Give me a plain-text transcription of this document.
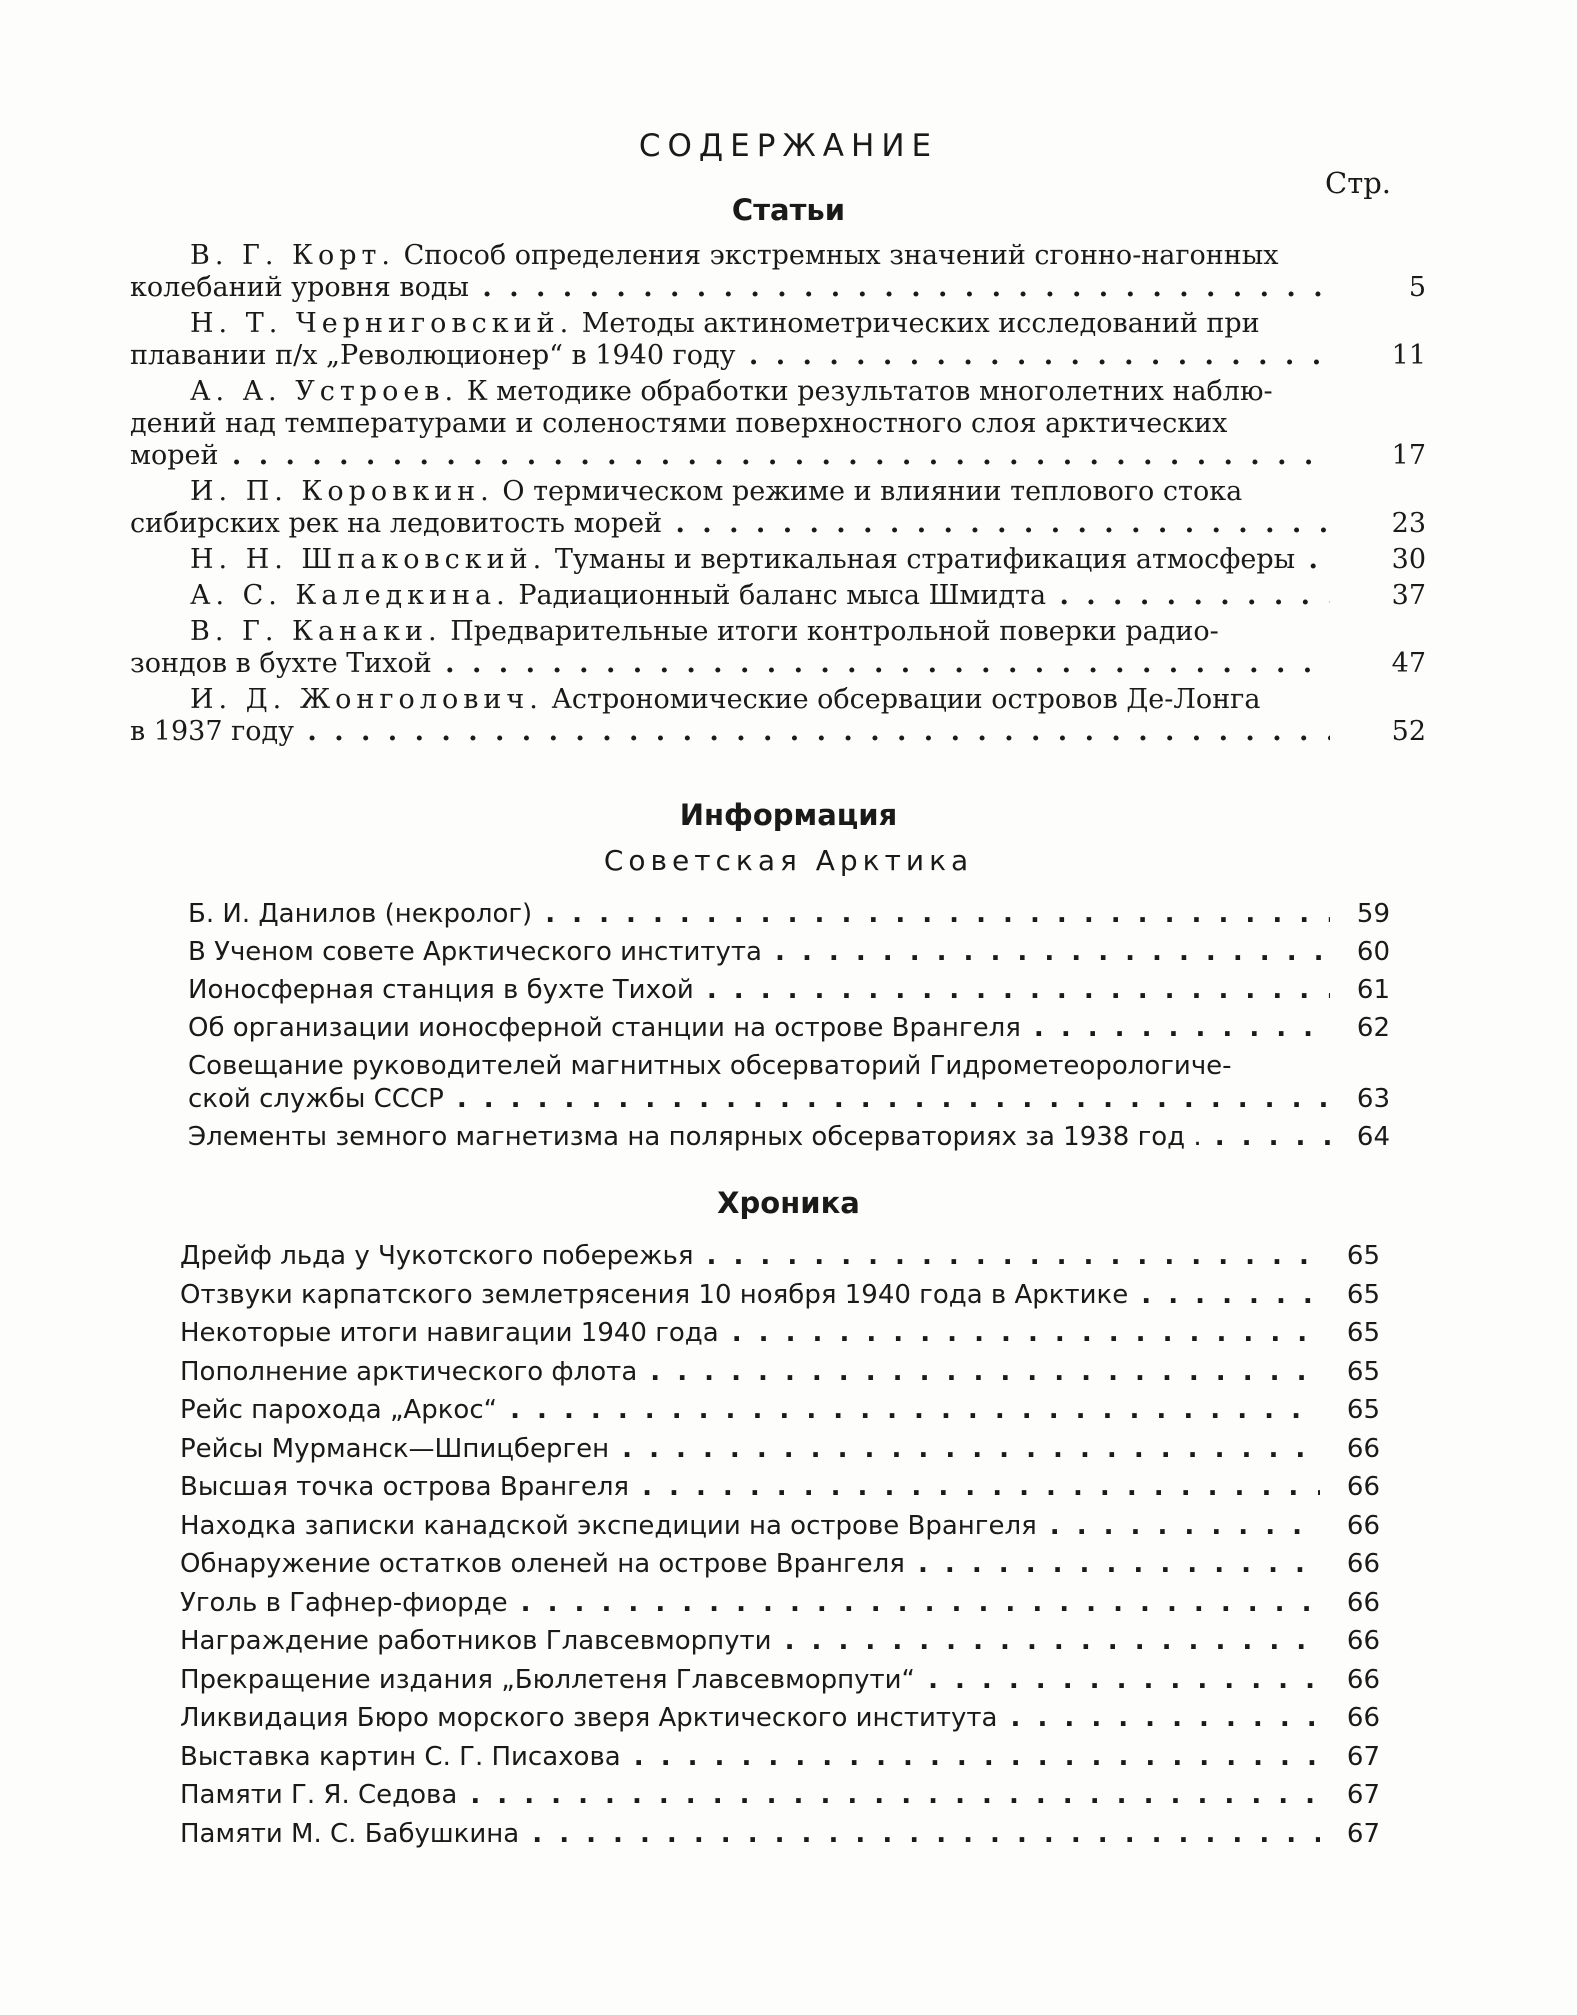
СОДЕРЖАНИЕ
Стр.
Статьи
В. Г. Корт. Способ определения экстремных значений сгонно-нагонных
колебаний уровня воды . . .	5
Н. Т. Черниговский. Методы актинометрических исследований при
плавании п/х „Революционер“ в 1940 году . . .	11
А. А. Устроев. К методике обработки результатов многолетних наблю-
дений над температурами и соленостями поверхностного слоя арктических
морей . . .	17
И. П. Коровкин. О термическом режиме и влиянии теплового стока
сибирских рек на ледовитость морей . . .	23
Н. Н. Шпаковский. Туманы и вертикальная стратификация атмосферы . . .	30
А. С. Каледкина. Радиационный баланс мыса Шмидта . . .	37
В. Г. Канаки. Предварительные итоги контрольной поверки радио-
зондов в бухте Тихой . . .	47
И. Д. Жонголович. Астрономические обсервации островов Де-Лонга
в 1937 году . . .	52
Информация
Советская Арктика
Б. И. Данилов (некролог) . . .	59
В Ученом совете Арктического института . . .	60
Ионосферная станция в бухте Тихой . . .	61
Об организации ионосферной станции на острове Врангеля . . .	62
Совещание руководителей магнитных обсерваторий Гидрометеорологиче-
ской службы СССР . . .	63
Элементы земного магнетизма на полярных обсерваториях за 1938 год . . . .	64
Хроника
Дрейф льда у Чукотского побережья . . .	65
Отзвуки карпатского землетрясения 10 ноября 1940 года в Арктике . . .	65
Некоторые итоги навигации 1940 года . . .	65
Пополнение арктического флота . . .	65
Рейс парохода „Аркос“ . . .	65
Рейсы Мурманск—Шпицберген . . .	66
Высшая точка острова Врангеля . . .	66
Находка записки канадской экспедиции на острове Врангеля . . .	66
Обнаружение остатков оленей на острове Врангеля . . .	66
Уголь в Гафнер-фиорде . . .	66
Награждение работников Главсевморпути . . .	66
Прекращение издания „Бюллетеня Главсевморпути“ . . .	66
Ликвидация Бюро морского зверя Арктического института . . .	66
Выставка картин С. Г. Писахова . . .	67
Памяти Г. Я. Седова . . .	67
Памяти М. С. Бабушкина . . .	67
